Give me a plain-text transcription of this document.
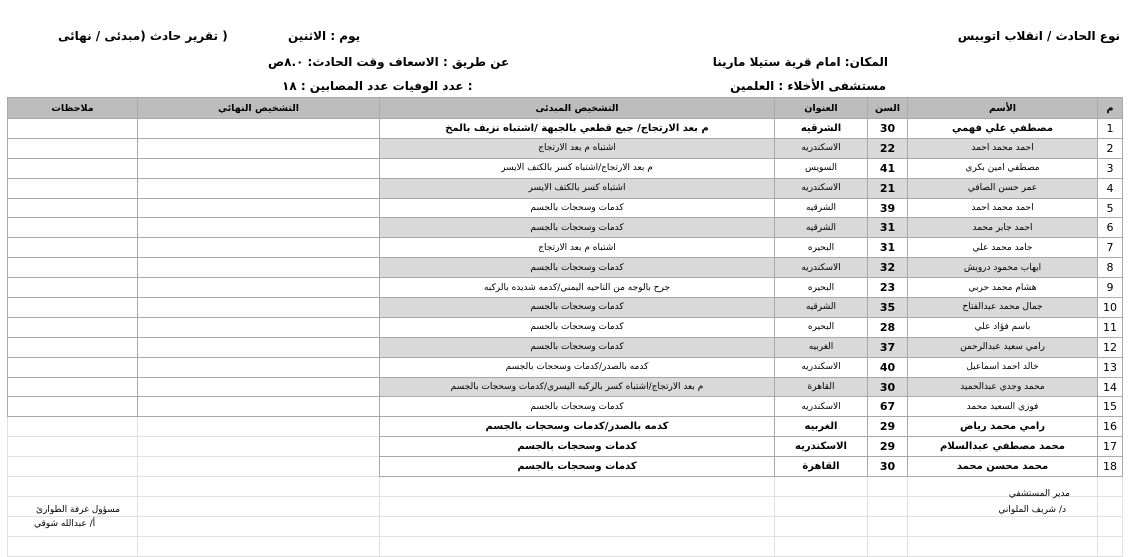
نوع الحادث / انقلاب اتوبيس
يوم : الاثنين
( تقرير حادث (مبدئى / نهائى
المكان: امام قرية ستيلا مارينا
عن طريق : الاسعاف وقت الحادث: ٨.٠ص
مستشفى الأخلاء : العلمين
: عدد الوفيات عدد المصابين : ١٨
م	الأسم	السن	العنوان	التشخيص المبدئى	التشخيص النهائي	ملاحظات
1	مصطفي علي فهمي	30	الشرقيه	م بعد الارتجاج/ جبع قطعي بالجبهة /اشتباه نزيف بالمخ		
2	احمد محمد احمد	22	الاسكندريه	اشتباه م بعد الارتجاج		
3	مصطفي امين بكري	41	السويس	م بعد الارتجاج/اشتباه كسر بالكتف الايسر		
4	عمر حسن الصافي	21	الاسكندريه	اشتباه كسر بالكتف الايسر		
5	احمد محمد احمد	39	الشرقيه	كدمات وسحجات بالجسم		
6	احمد جابر محمد	31	الشرقيه	كدمات وسحجات بالجسم		
7	حامد محمد علي	31	البحيره	اشتباه م بعد الارتجاج		
8	ايهاب محمود درويش	32	الاسكندريه	كدمات وسحجات بالجسم		
9	هشام محمد حربي	23	البحيره	جرح بالوجه من الناحيه اليمني/كدمه شديده بالركبه		
10	جمال محمد عبدالفتاح	35	الشرقيه	كدمات وسحجات بالجسم		
11	باسم فؤاد علي	28	البحيره	كدمات وسحجات بالجسم		
12	رامي سعيد عبدالرحمن	37	الغربيه	كدمات وسحجات بالجسم		
13	خالد احمد اسماعيل	40	الاسكندريه	كدمه بالصدر/كدمات وسحجات بالجسم		
14	محمد وجدي عبدالحميد	30	القاهرة	م بعد الارتجاج/اشتباه كسر بالركبه اليسري/كدمات وسحجات بالجسم		
15	فوزي السعيد محمد	67	الاسكندريه	كدمات وسحجات بالجسم		
16	رامي محمد رياض	29	الغربيه	كدمه بالصدر/كدمات وسحجات بالجسم		
17	محمد مصطفي عبدالسلام	29	الاسكندريه	كدمات وسحجات بالجسم		
18	محمد محسن محمد	30	القاهرة	كدمات وسحجات بالجسم		

مدير المستشفي
د/ شريف الملواني
مسؤول غرفة الطوارئ
أ/ عبدالله شوقي
